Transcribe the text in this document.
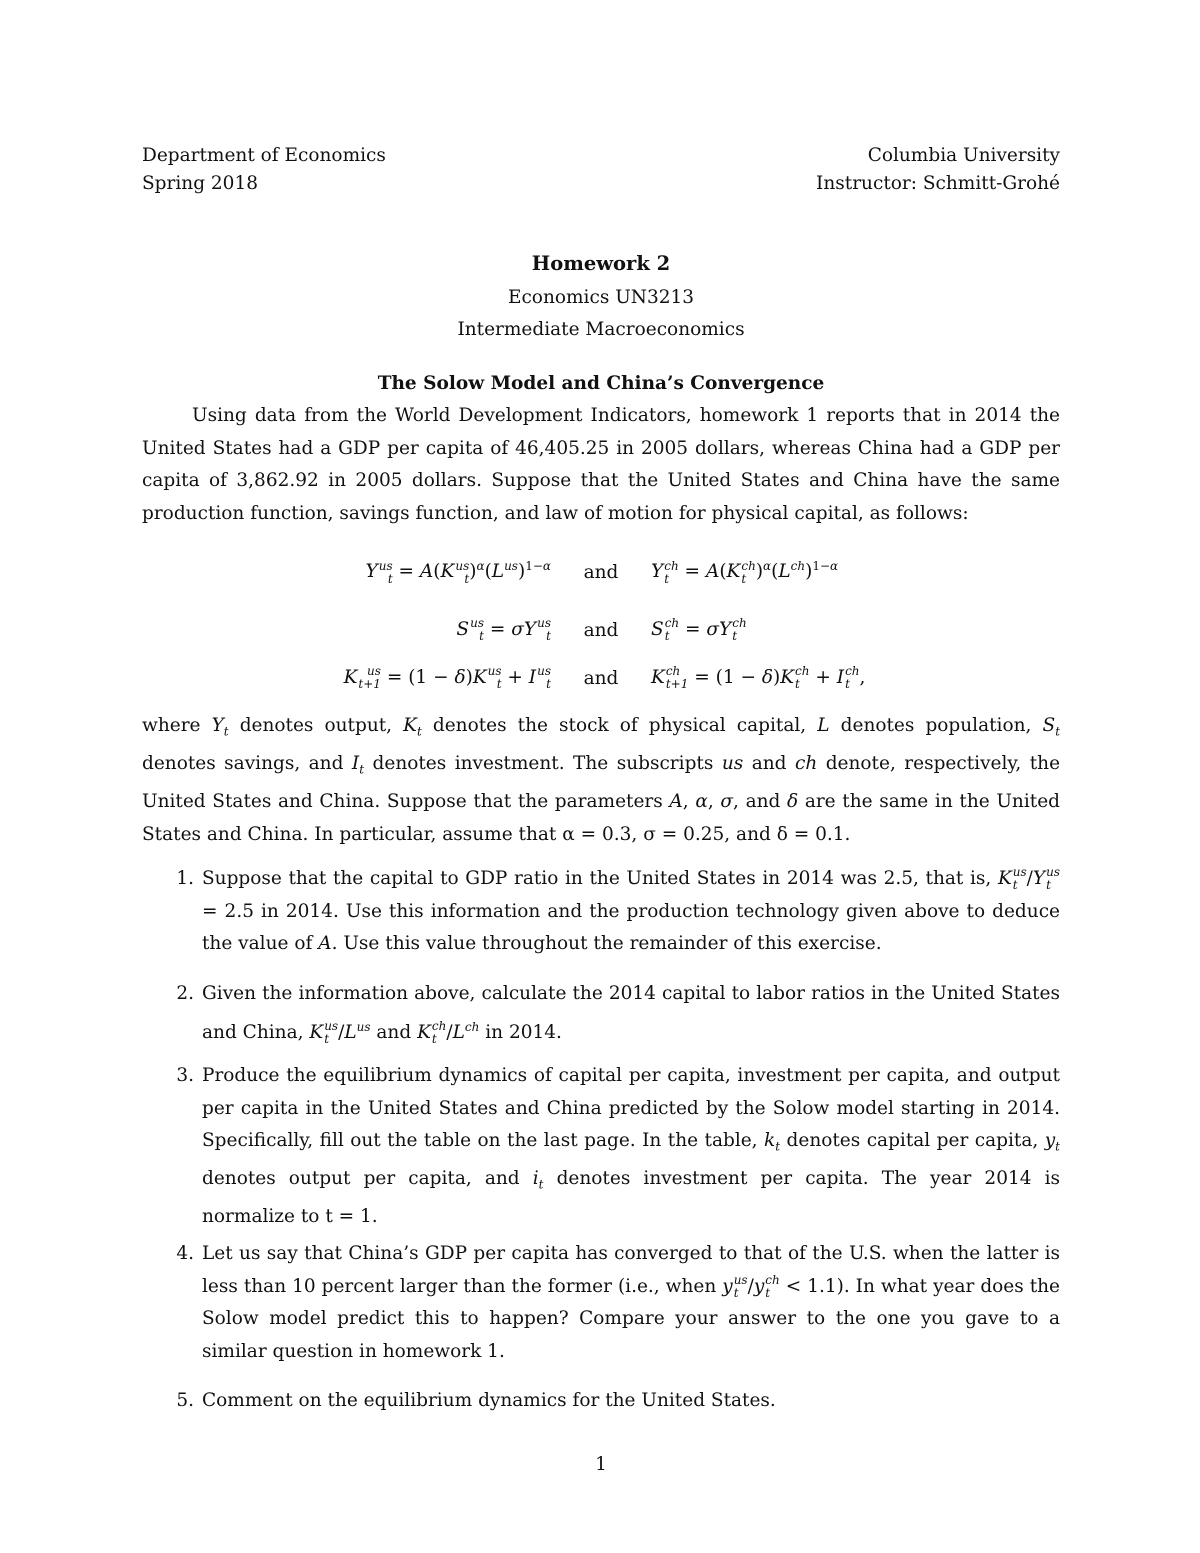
Department of Economics	Columbia University
Spring 2018	Instructor: Schmitt-Grohé
Homework 2
Economics UN3213
Intermediate Macroeconomics
The Solow Model and China’s Convergence
Using data from the World Development Indicators, homework 1 reports that in 2014 the United States had a GDP per capita of 46,405.25 in 2005 dollars, whereas China had a GDP per capita of 3,862.92 in 2005 dollars. Suppose that the United States and China have the same production function, savings function, and law of motion for physical capital, as follows:
Y us
t = A(K us
t )$^\alpha(L^{us})^{1-\alpha}$	and	Y ch
t = A(K ch
t )$^\alpha(L^{ch})^{1-\alpha}$
S us
t = σY us
t	and	S ch
t = σY ch
t
K us
t+1 = (1 − δ)K us
t + I us
t	and	K ch
t+1 = (1 − δ)K ch
t + I ch
t ,
where $Y_t$ denotes output, $K_t$ denotes the stock of physical capital, L denotes population, $S_t$ denotes savings, and $I_t$ denotes investment. The subscripts us and ch denote, respectively, the United States and China. Suppose that the parameters A, α, σ, and δ are the same in the United States and China. In particular, assume that α = 0.3, σ = 0.25, and δ = 0.1.
1. Suppose that the capital to GDP ratio in the United States in 2014 was 2.5, that is, K us
t /Y us
t
= 2.5 in 2014. Use this information and the production technology given above to deduce the value of A. Use this value throughout the remainder of this exercise.
2. Given the information above, calculate the 2014 capital to labor ratios in the United States and China, K us
t $/L^{us}$ and K ch
t $/L^{ch}$ in 2014.
3. Produce the equilibrium dynamics of capital per capita, investment per capita, and output per capita in the United States and China predicted by the Solow model starting in 2014. Specifically, fill out the table on the last page. In the table, $k_t$ denotes capital per capita, $y_t$ denotes output per capita, and $i_t$ denotes investment per capita. The year 2014 is normalize to t = 1.
4. Let us say that China’s GDP per capita has converged to that of the U.S. when the latter is less than 10 percent larger than the former (i.e., when y us
t /y ch
t < 1.1). In what year does the Solow model predict this to happen? Compare your answer to the one you gave to a similar question in homework 1.
5. Comment on the equilibrium dynamics for the United States.
1
